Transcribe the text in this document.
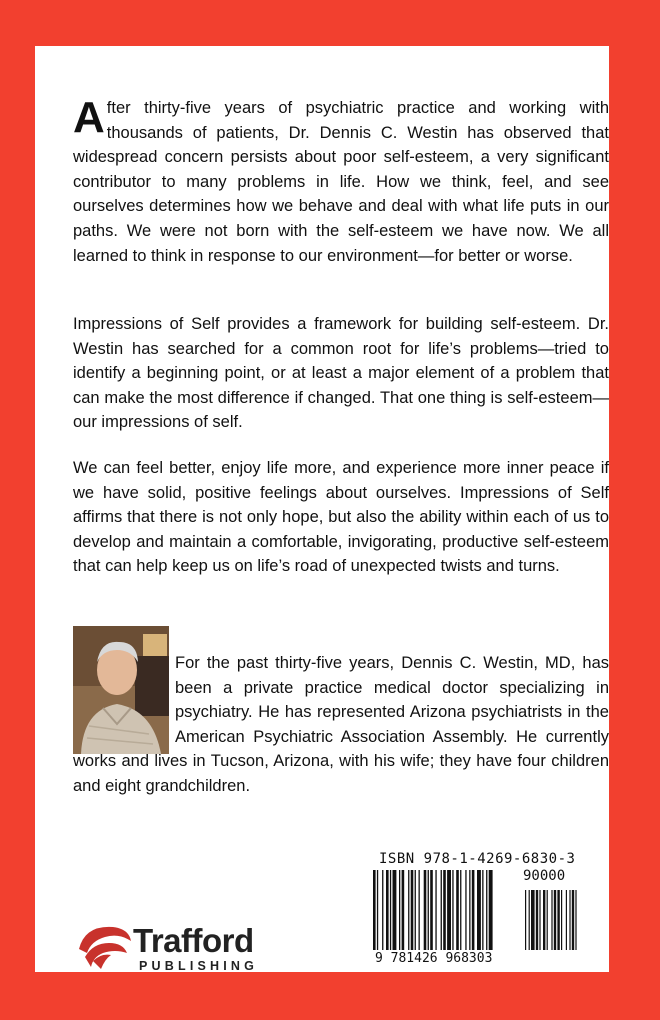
After thirty-five years of psychiatric practice and working with thousands of patients, Dr. Dennis C. Westin has observed that widespread concern persists about poor self-esteem, a very significant contributor to many problems in life. How we think, feel, and see ourselves determines how we behave and deal with what life puts in our paths. We were not born with the self-esteem we have now. We all learned to think in response to our environment—for better or worse.

Impressions of Self provides a framework for building self-esteem. Dr. Westin has searched for a common root for life’s problems—tried to identify a beginning point, or at least a major element of a problem that can make the most difference if changed. That one thing is self-esteem—our impressions of self.

We can feel better, enjoy life more, and experience more inner peace if we have solid, positive feelings about ourselves. Impressions of Self affirms that there is not only hope, but also the ability within each of us to develop and maintain a comfortable, invigorating, productive self-esteem that can help keep us on life’s road of unexpected twists and turns.

For the past thirty-five years, Dennis C. Westin, MD, has been a private practice medical doctor specializing in psychiatry. He has represented Arizona psychiatrists in the American Psychiatric Association Assembly. He currently works and lives in Tucson, Arizona, with his wife; they have four children and eight grandchildren.
Trafford
PUBLISHING
ISBN 978-1-4269-6830-3
90000
9 781426 968303
